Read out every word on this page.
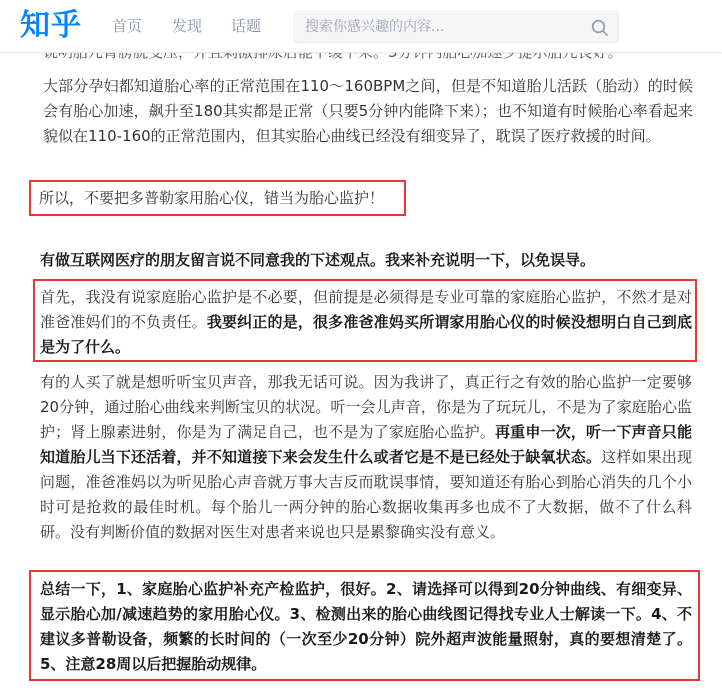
大部分孕妇都知道胎心率的正常范围在110～160BPM之间，但是不知道胎儿活跃（胎动）的时候会有胎心加速，飙升至180其实都是正常（只要5分钟内能降下来）；也不知道有时候胎心率看起来貌似在110-160的正常范围内，但其实胎心曲线已经没有细变异了，耽误了医疗救援的时间。

所以，不要把多普勒家用胎心仪，错当为胎心监护！

有做互联网医疗的朋友留言说不同意我的下述观点。我来补充说明一下，以免误导。

首先，我没有说家庭胎心监护是不必要，但前提是必须得是专业可靠的家庭胎心监护，不然才是对准爸准妈们的不负责任。我要纠正的是，很多准爸准妈买所谓家用胎心仪的时候没想明白自己到底是为了什么。

有的人买了就是想听听宝贝声音，那我无话可说。因为我讲了，真正行之有效的胎心监护一定要够20分钟，通过胎心曲线来判断宝贝的状况。听一会儿声音，你是为了玩玩儿，不是为了家庭胎心监护；肾上腺素进射，你是为了满足自己，也不是为了家庭胎心监护。再重申一次，听一下声音只能知道胎儿当下还活着，并不知道接下来会发生什么或者它是不是已经处于缺氧状态。这样如果出现问题，准爸准妈以为听见胎心声音就万事大吉反而耽误事情，要知道还有胎心到胎心消失的几个小时可是抢救的最佳时机。每个胎儿一两分钟的胎心数据收集再多也成不了大数据，做不了什么科研。没有判断价值的数据对医生对患者来说也只是累黎确实没有意义。

总结一下，1、家庭胎心监护补充产检监护，很好。2、请选择可以得到20分钟曲线、有细变异、显示胎心加/减速趋势的家用胎心仪。3、检测出来的胎心曲线图记得找专业人士解读一下。4、不建议多普勒设备，频繁的长时间的（一次至少20分钟）院外超声波能量照射，真的要想清楚了。5、注意28周以后把握胎动规律。

知乎 首页 发现 话题
搜索你感兴趣的内容...
